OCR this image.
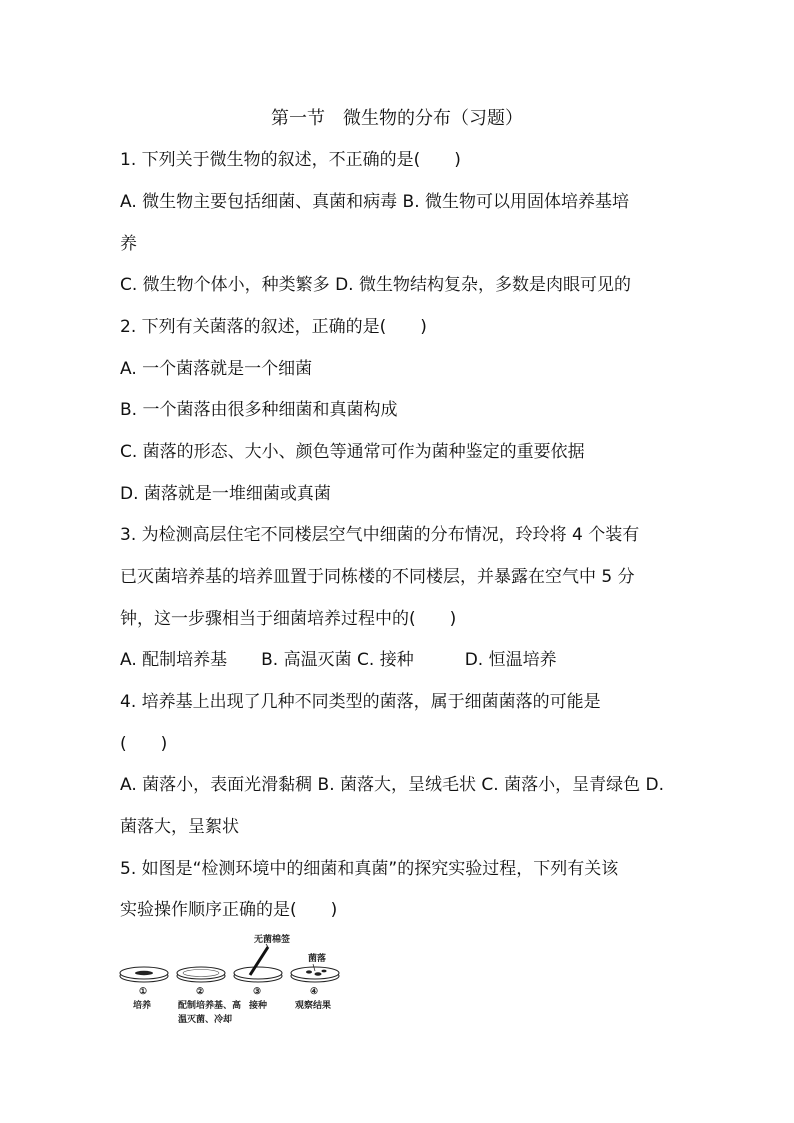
第一节　微生物的分布（习题）
1. 下列关于微生物的叙述，不正确的是(　　)
A. 微生物主要包括细菌、真菌和病毒 B. 微生物可以用固体培养基培
养
C. 微生物个体小，种类繁多 D. 微生物结构复杂，多数是肉眼可见的
2. 下列有关菌落的叙述，正确的是(　　)
A. 一个菌落就是一个细菌
B. 一个菌落由很多种细菌和真菌构成
C. 菌落的形态、大小、颜色等通常可作为菌种鉴定的重要依据
D. 菌落就是一堆细菌或真菌
3. 为检测高层住宅不同楼层空气中细菌的分布情况，玲玲将 4 个装有
已灭菌培养基的培养皿置于同栋楼的不同楼层，并暴露在空气中 5 分
钟，这一步骤相当于细菌培养过程中的(　　)
A. 配制培养基　　B. 高温灭菌 C. 接种　　　D. 恒温培养
4. 培养基上出现了几种不同类型的菌落，属于细菌菌落的可能是
(　　)
A. 菌落小，表面光滑黏稠 B. 菌落大，呈绒毛状 C. 菌落小，呈青绿色 D.
菌落大，呈絮状
5. 如图是“检测环境中的细菌和真菌”的探究实验过程，下列有关该
实验操作顺序正确的是(　　)
无菌棉签
菌落
①	②	③	④
培养	配制培养基、高
温灭菌、冷却
接种	观察结果
